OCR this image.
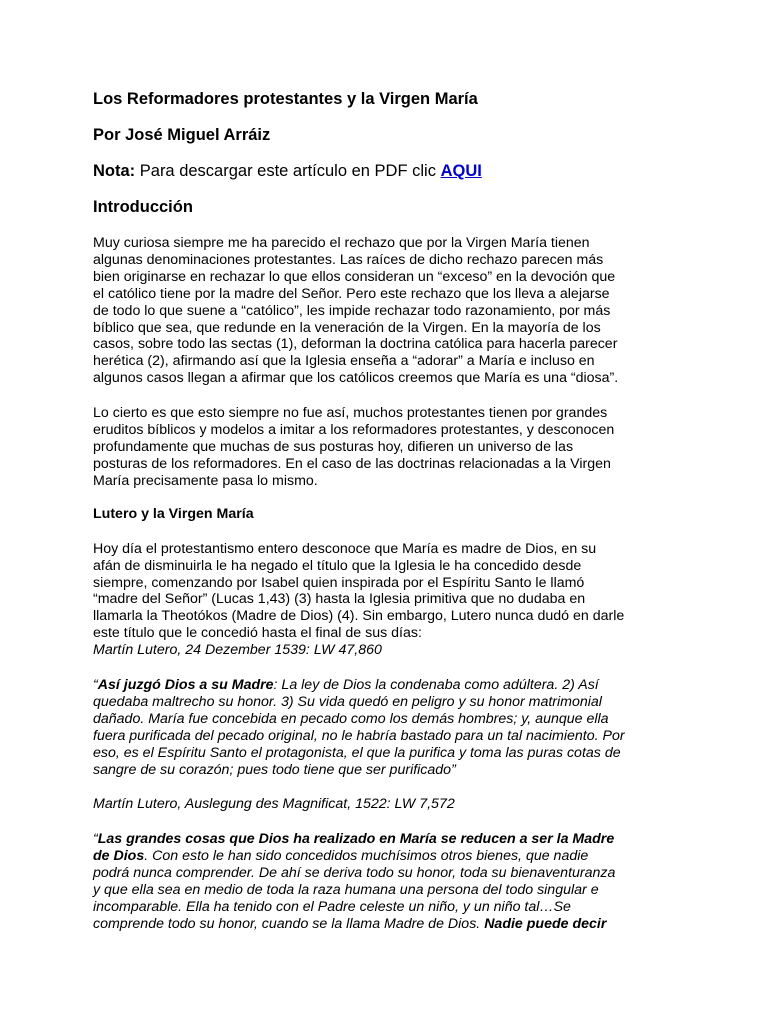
Los Reformadores protestantes y la Virgen María
Por José Miguel Arráiz
Nota: Para descargar este artículo en PDF clic AQUI
Introducción
Muy curiosa siempre me ha parecido el rechazo que por la Virgen María tienen
algunas denominaciones protestantes. Las raíces de dicho rechazo parecen más
bien originarse en rechazar lo que ellos consideran un “exceso” en la devoción que
el católico tiene por la madre del Señor. Pero este rechazo que los lleva a alejarse
de todo lo que suene a “católico”, les impide rechazar todo razonamiento, por más
bíblico que sea, que redunde en la veneración de la Virgen. En la mayoría de los
casos, sobre todo las sectas (1), deforman la doctrina católica para hacerla parecer
herética (2), afirmando así que la Iglesia enseña a “adorar” a María e incluso en
algunos casos llegan a afirmar que los católicos creemos que María es una “diosa”.
Lo cierto es que esto siempre no fue así, muchos protestantes tienen por grandes
eruditos bíblicos y modelos a imitar a los reformadores protestantes, y desconocen
profundamente que muchas de sus posturas hoy, difieren un universo de las
posturas de los reformadores. En el caso de las doctrinas relacionadas a la Virgen
María precisamente pasa lo mismo.
Lutero y la Virgen María
Hoy día el protestantismo entero desconoce que María es madre de Dios, en su
afán de disminuirla le ha negado el título que la Iglesia le ha concedido desde
siempre, comenzando por Isabel quien inspirada por el Espíritu Santo le llamó
“madre del Señor” (Lucas 1,43) (3) hasta la Iglesia primitiva que no dudaba en
llamarla la Theotókos (Madre de Dios) (4). Sin embargo, Lutero nunca dudó en darle
este título que le concedió hasta el final de sus días:
Martín Lutero, 24 Dezember 1539: LW 47,860
“Así juzgó Dios a su Madre: La ley de Dios la condenaba como adúltera. 2) Así
quedaba maltrecho su honor. 3) Su vida quedó en peligro y su honor matrimonial
dañado. María fue concebida en pecado como los demás hombres; y, aunque ella
fuera purificada del pecado original, no le habría bastado para un tal nacimiento. Por
eso, es el Espíritu Santo el protagonista, el que la purifica y toma las puras cotas de
sangre de su corazón; pues todo tiene que ser purificado”
Martín Lutero, Auslegung des Magnificat, 1522: LW 7,572
“Las grandes cosas que Dios ha realizado en María se reducen a ser la Madre
de Dios. Con esto le han sido concedidos muchísimos otros bienes, que nadie
podrá nunca comprender. De ahí se deriva todo su honor, toda su bienaventuranza
y que ella sea en medio de toda la raza humana una persona del todo singular e
incomparable. Ella ha tenido con el Padre celeste un niño, y un niño tal…Se
comprende todo su honor, cuando se la llama Madre de Dios. Nadie puede decir
